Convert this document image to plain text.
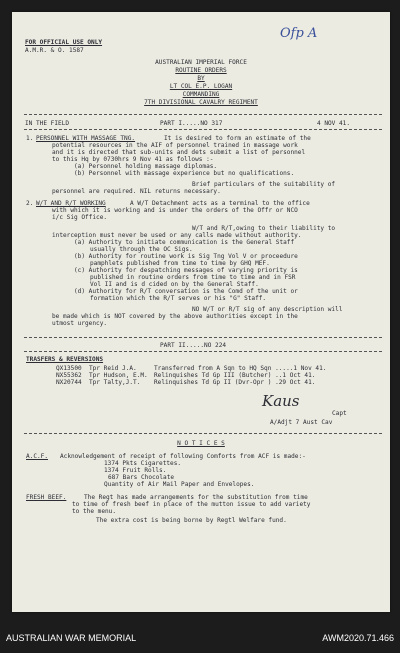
Ofp A
FOR OFFICIAL USE ONLY
A.M.R. & O. 1587
AUSTRALIAN IMPERIAL FORCE
ROUTINE ORDERS
BY
LT COL E.P. LOGAN
COMMANDING
7TH DIVISIONAL CAVALRY REGIMENT
IN THE FIELD	PART I.....NO 317	4 NOV 41.
1. PERSONNEL WITH MASSAGE TNG.	It is desired to form an estimate of the
potential resources in the AIF of personnel trained in massage work
and it is directed that sub-units and dets submit a list of personnel
to this Hq by 0730hrs 9 Nov 41 as follows :-
(a) Personnel holding massage diplomas.
(b) Personnel with massage experience but no qualifications.
Brief particulars of the suitability of
personnel are required. NIL returns necessary.
2. W/T AND R/T WORKING	A W/T Detachment acts as a terminal to the office
with which it is working and is under the orders of the Offr or NCO
i/c Sig Office.
W/T and R/T,owing to their liability to
interception must never be used or any calls made without authority.
(a) Authority to initiate communication is the General Staff
usually through the OC Sigs.
(b) Authority for routine work is Sig Tng Vol V or proceedure
pamphlets published from time to time by GHQ MEF.
(c) Authority for despatching messages of varying priority is
published in routine orders from time to time and in FSR
Vol II and is d cided on by the General Staff.
(d) Authority for R/T conversation is the Comd of the unit or
formation which the R/T serves or his "G" Staff.
NO W/T or R/T sig of any description will
be made which is NOT covered by the above authorities except in the
utmost urgency.
PART II.....NO 224
TRASFERS & REVERSIONS
QX13500 Tpr Reid J.A.	Transferred from A Sqn to HQ Sqn .....1 Nov 41.
NX55362 Tpr Hudson, E.M. Relinquishes Td Gp III (Butcher) ..1 Oct 41.
NX20744 Tpr Talty,J.T. Relinquishes Td Gp II (Dvr-Opr ) .29 Oct 41.
Kaus
Capt
A/Adjt 7 Aust Cav
N O T I C E S
A.C.F. Acknowledgement of receipt of following Comforts from ACF is made:-
1374 Pkts Cigarettes.
1374 Fruit Rolls.
687 Bars Chocolate
Quantity of Air Mail Paper and Envelopes.
FRESH BEEF.	The Regt has made arrangements for the substitution from time
to time of fresh beef in place of the mutton issue to add variety
to the menu.
The extra cost is being borne by Regtl Welfare fund.
AUSTRALIAN WAR MEMORIAL	AWM2020.71.466
